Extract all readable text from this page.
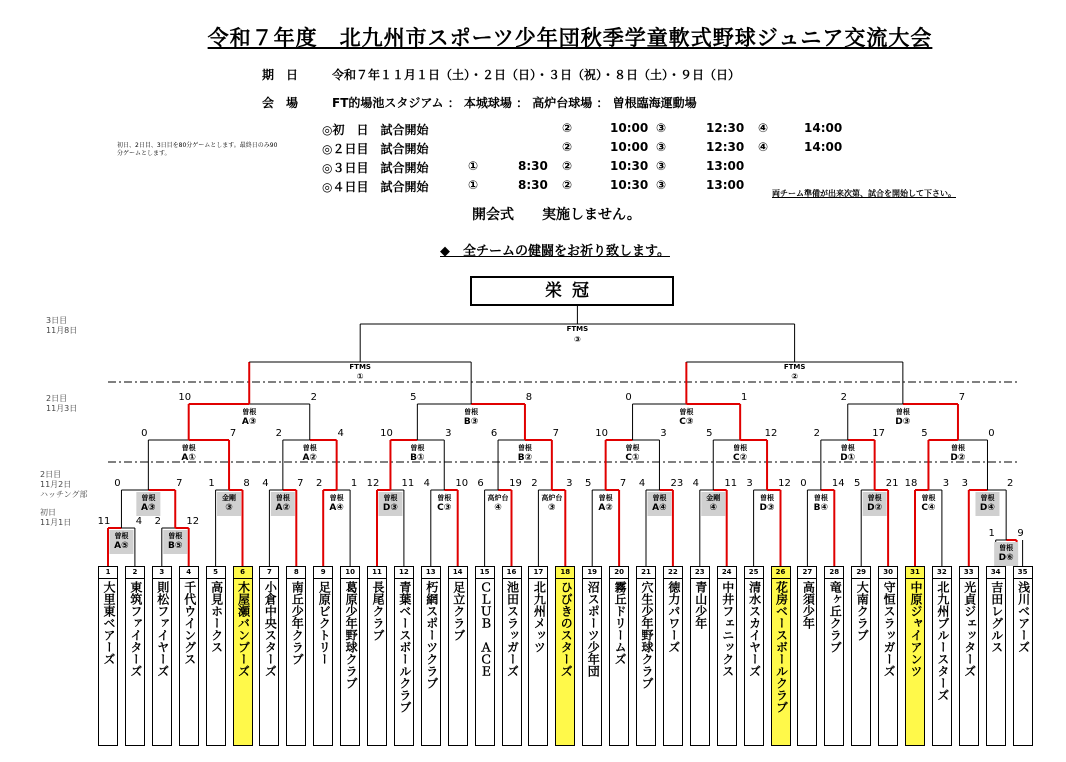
令和７年度　北九州市スポーツ少年団秋季学童軟式野球ジュニア交流大会
期　日	令和７年１１月１日（土）・２日（日）・３日（祝）・８日（土）・９日（日）
会　場	FT的場池スタジアム ： 本城球場 ： 高炉台球場 ： 曽根臨海運動場
初日、2日目、3日目を80分ゲームとします。最終日のみ90分ゲームとします。
◎初　日　試合開始	②	10:00 ③	12:30 ④	14:00
◎２日目　試合開始	②	10:00 ③	12:30 ④	14:00
◎３日目　試合開始	①	8:30 ②	10:30 ③	13:00
◎４日目　試合開始	①	8:30 ②	10:30 ③	13:00
両チーム準備が出来次第、試合を開始して下さい。
開会式　　実施しません。
◆　全チームの健闘をお祈り致します。
栄冠
3日目
11月8日
2日目
11月3日
2日目
11月2日
ハッチング部
初日
11月1日
曽根
A⑤
11	4
曽根
B⑤
2	12
曽根
D⑥
1 9
曽根
A③
0	7
金剛
③
1	8
曽根
A②
4	7
曽根
A④
2	1
曽根
D③
12 11
曽根
C③
4	10
高炉台
④
6	19
高炉台
③
2	3
曽根
A②
5	7
曽根
A④
4	23
金剛
④
4	11
曽根
D③
3	12
曽根
B④
0	14
曽根
D②
5	21
曽根
C④
18	3
曽根
D④
3	2
曽根
A①
0	7
曽根
A②
2	4
曽根
B①
10	3
曽根
B②
6	7
曽根
C①
10	3
曽根
C②
5	12
曽根
D①
2	17
曽根
D②
5	0
曽根
A③
10	2
曽根
B③
5	8
曽根
C③
0	1
曽根
D③
2	7
FTMS
①
FTMS
②
FTMS
③
1
大里東ベアーズ
2
東筑ファイターズ
3
則松ファイヤーズ
4
千代ウイングス
5
高見ホークス
6
木屋瀬バンブーズ
7
小倉中央スターズ
8
南丘少年クラブ
9
足原ビクトリー
10
葛原少年野球クラブ
11
長尾クラブ
12
青葉ベースボールクラブ
13
朽網スポーツクラブ
14
足立クラブ
15
ＣＬＵＢ　ＡＣＥ
16
池田スラッガーズ
17
北九州メッツ
18
ひびきのスターズ
19
沼スポーツ少年団
20
霧丘ドリームズ
21
穴生少年野球クラブ
22
徳力パワーズ
23
青山少年
24
中井フェニックス
25
清水スカイヤーズ
26
花房ベースボールクラブ
27
高須少年
28
竜ヶ丘クラブ
29
大南クラブ
30
守恒スラッガーズ
31
中原ジャイアンツ
32
北九州ブルースターズ
33
光貞ジェッターズ
34
吉田レグルス
35
浅川ベアーズ
